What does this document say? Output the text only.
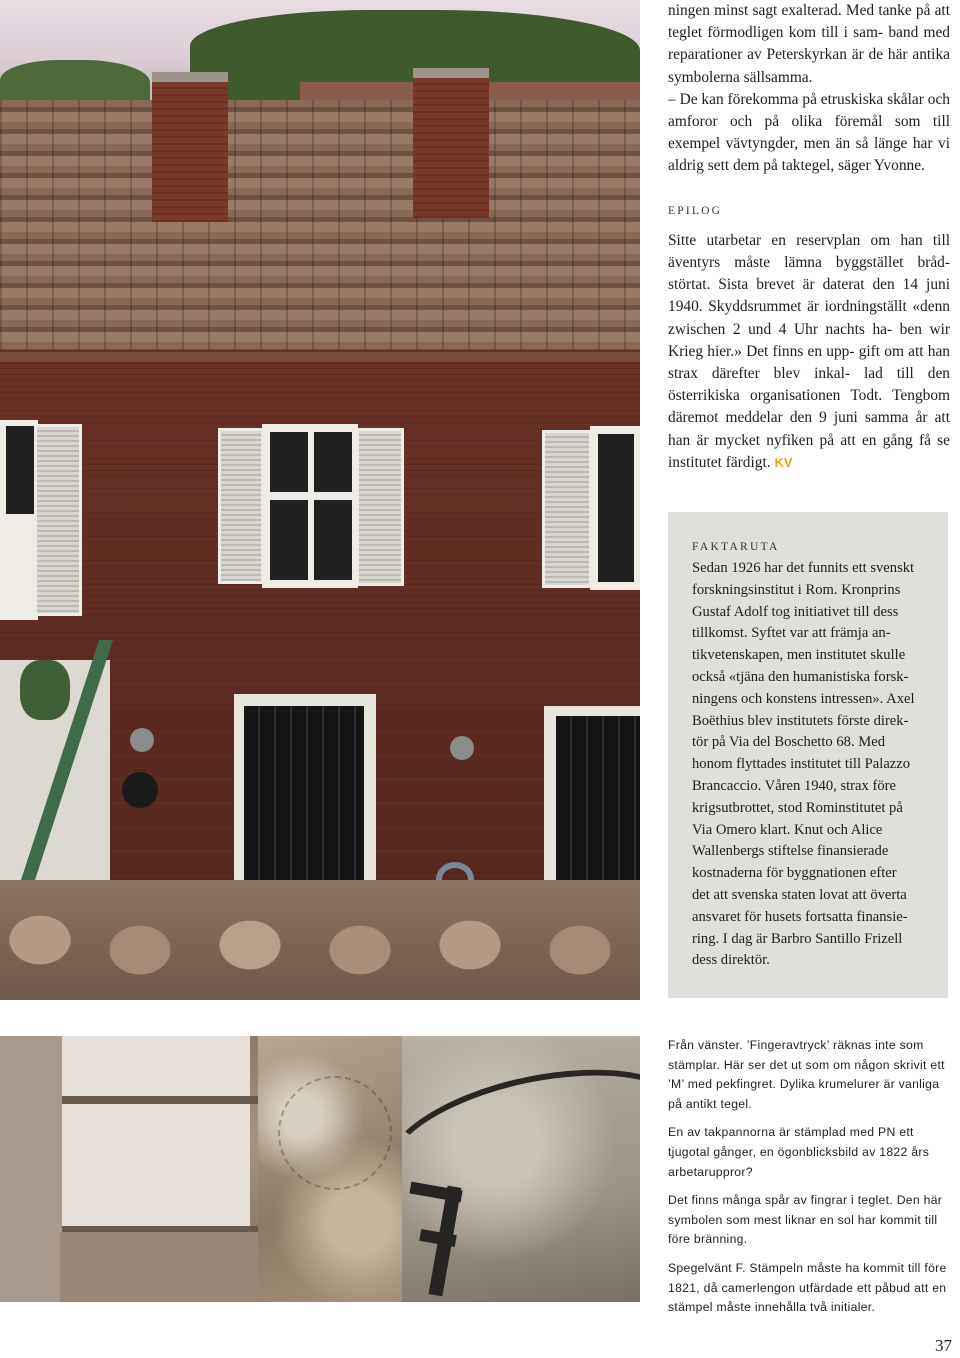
ningen minst sagt exalterad. Med tanke på att teglet förmodligen kom till i sam- band med reparationer av Peterskyrkan är de här antika symbolerna sällsamma.
– De kan förekomma på etruskiska skålar och amforor och på olika föremål som till exempel vävtyngder, men än så länge har vi aldrig sett dem på taktegel, säger Yvonne.

EPILOG

Sitte utarbetar en reservplan om han till äventyrs måste lämna byggstället bråd- störtat. Sista brevet är daterat den 14 juni 1940. Skyddsrummet är iordningställt «denn zwischen 2 und 4 Uhr nachts ha- ben wir Krieg hier.» Det finns en upp- gift om att han strax därefter blev inkal- lad till den österrikiska organisationen Todt. Tengbom däremot meddelar den 9 juni samma år att han är mycket nyfiken på att en gång få se institutet färdigt. KV

FAKTARUTA
Sedan 1926 har det funnits ett svenskt
forskningsinstitut i Rom. Kronprins
Gustaf Adolf tog initiativet till dess
tillkomst. Syftet var att främja an-
tikvetenskapen, men institutet skulle
också «tjäna den humanistiska forsk-
ningens och konstens intressen». Axel
Boëthius blev institutets förste direk-
tör på Via del Boschetto 68. Med
honom flyttades institutet till Palazzo
Brancaccio. Våren 1940, strax före
krigsutbrottet, stod Rominstitutet på
Via Omero klart. Knut och Alice
Wallenbergs stiftelse finansierade
kostnaderna för byggnationen efter
det att svenska staten lovat att överta
ansvaret för husets fortsatta finansie-
ring. I dag är Barbro Santillo Frizell
dess direktör.

Från vänster. ’Fingeravtryck’ räknas inte som stämplar. Här ser det ut som om någon skrivit ett ’M’ med pekfingret. Dylika krumelurer är vanliga på antikt tegel.

En av takpannorna är stämplad med PN ett tjugotal gånger, en ögonblicksbild av 1822 års arbetaruppror?

Det finns många spår av fingrar i teglet. Den här symbolen som mest liknar en sol har kommit till före bränning.

Spegelvänt F. Stämpeln måste ha kommit till före 1821, då camerlengon utfärdade ett påbud att en stämpel måste innehålla två initialer.

37
